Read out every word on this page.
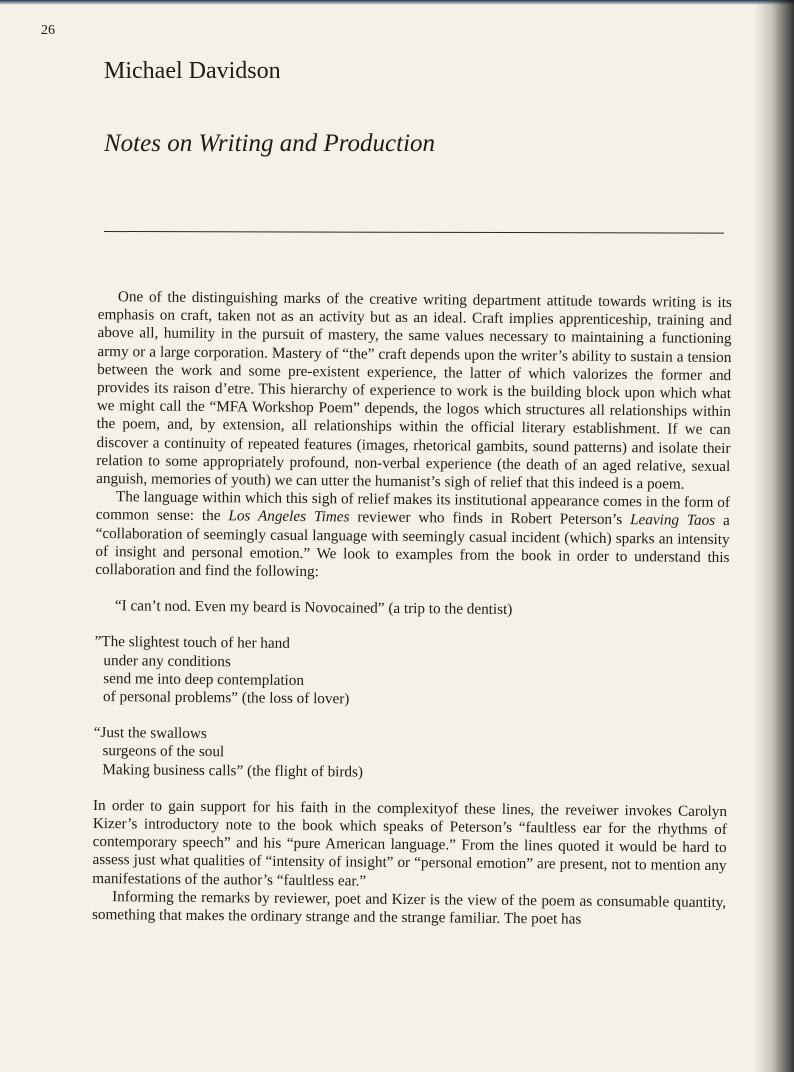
26
Michael Davidson
Notes on Writing and Production

One of the distinguishing marks of the creative writing department attitude towards writing is its emphasis on craft, taken not as an activity but as an ideal. Craft implies apprenticeship, training and above all, humility in the pursuit of mastery, the same values necessary to maintaining a functioning army or a large corporation. Mastery of “the” craft depends upon the writer’s ability to sustain a tension between the work and some pre-existent experience, the latter of which valorizes the former and provides its raison d’etre. This hierarchy of experience to work is the building block upon which what we might call the “MFA Workshop Poem” depends, the logos which structures all relationships within the poem, and, by extension, all relationships within the official literary establishment. If we can discover a continuity of repeated features (images, rhetorical gambits, sound patterns) and isolate their relation to some appropriately profound, non-verbal experience (the death of an aged relative, sexual anguish, memories of youth) we can utter the humanist’s sigh of relief that this indeed is a poem.

The language within which this sigh of relief makes its institutional appearance comes in the form of common sense: the Los Angeles Times reviewer who finds in Robert Peterson’s Leaving Taos a “collaboration of seemingly casual language with seemingly casual incident (which) sparks an intensity of insight and personal emotion.” We look to examples from the book in order to understand this collaboration and find the following:

“I can’t nod. Even my beard is Novocained” (a trip to the dentist)

”The slightest touch of her hand
under any conditions
send me into deep contemplation
of personal problems” (the loss of lover)
“Just the swallows
surgeons of the soul
Making business calls” (the flight of birds)

In order to gain support for his faith in the complexityof these lines, the reveiwer invokes Carolyn Kizer’s introductory note to the book which speaks of Peterson’s “faultless ear for the rhythms of contemporary speech” and his “pure American language.” From the lines quoted it would be hard to assess just what qualities of “intensity of insight” or “personal emotion” are present, not to mention any manifestations of the author’s “faultless ear.”

Informing the remarks by reviewer, poet and Kizer is the view of the poem as consumable quantity, something that makes the ordinary strange and the strange familiar. The poet has
